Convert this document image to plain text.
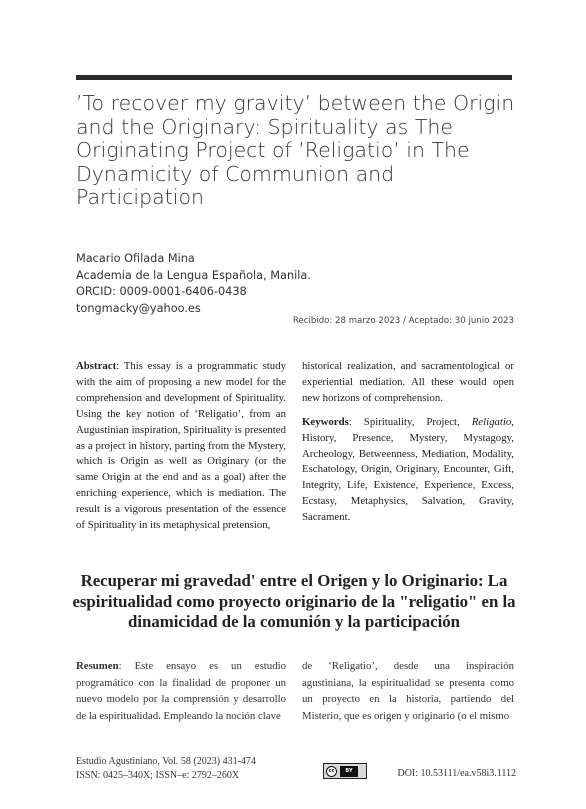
’To recover my gravity’ between the Origin and the Originary: Spirituality as The Originating Project of ’Religatio’ in The Dynamicity of Communion and Participation
Macario Ofilada Mina
Academia de la Lengua Española, Manila.
ORCID: 0009-0001-6406-0438
tongmacky@yahoo.es
Recibido: 28 marzo 2023 / Aceptado: 30 junio 2023

Abstract: This essay is a programmatic study with the aim of proposing a new model for the comprehension and development of Spirituality. Using the key notion of ‘Religatio’, from an Augustinian inspiration, Spirituality is presented as a project in history, parting from the Mystery, which is Origin as well as Originary (or the same Origin at the end and as a goal) after the enriching experience, which is mediation. The result is a vigorous presentation of the essence of Spirituality in its metaphysical pretension,

historical realization, and sacramentological or experiential mediation. All these would open new horizons of comprehension.

Keywords: Spirituality, Project, Religatio, History, Presence, Mystery, Mystagogy, Archeology, Betweenness, Mediation, Modality, Eschatology, Origin, Originary, Encounter, Gift, Integrity, Life, Existence, Experience, Excess, Ecstasy, Metaphysics, Salvation, Gravity, Sacrament.

Recuperar mi gravedad' entre el Origen y lo Originario: La espiritualidad como proyecto originario de la "religatio" en la dinamicidad de la comunión y la participación

Resumen: Este ensayo es un estudio programático con la finalidad de proponer un nuevo modelo por la comprensión y desarrollo de la espiritualidad. Empleando la noción clave

de ‘Religatio’, desde una inspiración agustiniana, la espiritualidad se presenta como un proyecto en la historia, partiendo del Misterio, que es origen y originario (o el mismo

Estudio Agustiniano, Vol. 58 (2023) 431-474
ISSN: 0425–340X; ISSN–e: 2792–260X	cc	BY	DOI: 10.53111/ea.v58i3.1112
